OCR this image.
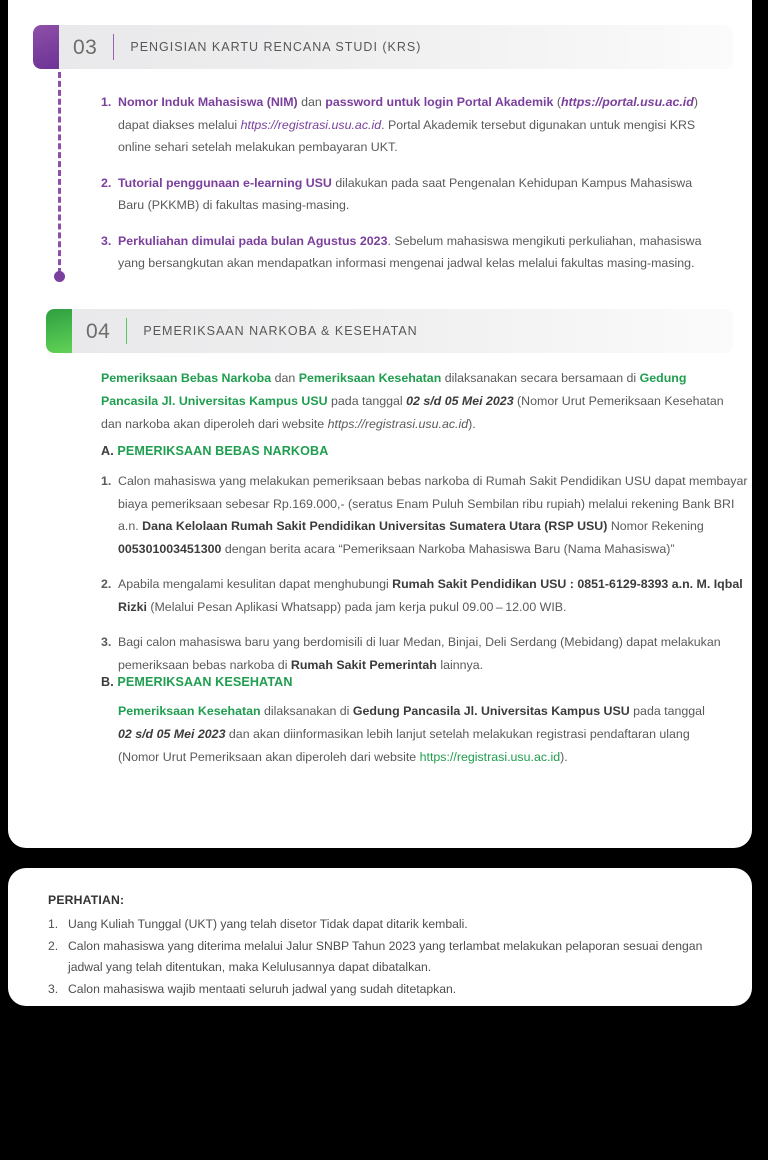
03	PENGISIAN KARTU RENCANA STUDI (KRS)
1. Nomor Induk Mahasiswa (NIM) dan password untuk login Portal Akademik (https://portal.usu.ac.id) dapat diakses melalui https://registrasi.usu.ac.id. Portal Akademik tersebut digunakan untuk mengisi KRS online sehari setelah melakukan pembayaran UKT.
2. Tutorial penggunaan e-learning USU dilakukan pada saat Pengenalan Kehidupan Kampus Mahasiswa Baru (PKKMB) di fakultas masing-masing.
3. Perkuliahan dimulai pada bulan Agustus 2023. Sebelum mahasiswa mengikuti perkuliahan, mahasiswa yang bersangkutan akan mendapatkan informasi mengenai jadwal kelas melalui fakultas masing-masing.
04	PEMERIKSAAN NARKOBA & KESEHATAN
Pemeriksaan Bebas Narkoba dan Pemeriksaan Kesehatan dilaksanakan secara bersamaan di Gedung Pancasila Jl. Universitas Kampus USU pada tanggal 02 s/d 05 Mei 2023 (Nomor Urut Pemeriksaan Kesehatan dan narkoba akan diperoleh dari website https://registrasi.usu.ac.id).
A. PEMERIKSAAN BEBAS NARKOBA
1. Calon mahasiswa yang melakukan pemeriksaan bebas narkoba di Rumah Sakit Pendidikan USU dapat membayar biaya pemeriksaan sebesar Rp.169.000,- (seratus Enam Puluh Sembilan ribu rupiah) melalui rekening Bank BRI a.n. Dana Kelolaan Rumah Sakit Pendidikan Universitas Sumatera Utara (RSP USU) Nomor Rekening 005301003451300 dengan berita acara “Pemeriksaan Narkoba Mahasiswa Baru (Nama Mahasiswa)”
2. Apabila mengalami kesulitan dapat menghubungi Rumah Sakit Pendidikan USU : 0851-6129-8393 a.n. M. Iqbal Rizki (Melalui Pesan Aplikasi Whatsapp) pada jam kerja pukul 09.00 – 12.00 WIB.
3. Bagi calon mahasiswa baru yang berdomisili di luar Medan, Binjai, Deli Serdang (Mebidang) dapat melakukan pemeriksaan bebas narkoba di Rumah Sakit Pemerintah lainnya.
B. PEMERIKSAAN KESEHATAN
Pemeriksaan Kesehatan dilaksanakan di Gedung Pancasila Jl. Universitas Kampus USU pada tanggal 02 s/d 05 Mei 2023 dan akan diinformasikan lebih lanjut setelah melakukan registrasi pendaftaran ulang (Nomor Urut Pemeriksaan akan diperoleh dari website https://registrasi.usu.ac.id).
PERHATIAN:
1. Uang Kuliah Tunggal (UKT) yang telah disetor Tidak dapat ditarik kembali.
2. Calon mahasiswa yang diterima melalui Jalur SNBP Tahun 2023 yang terlambat melakukan pelaporan sesuai dengan jadwal yang telah ditentukan, maka Kelulusannya dapat dibatalkan.
3. Calon mahasiswa wajib mentaati seluruh jadwal yang sudah ditetapkan.
